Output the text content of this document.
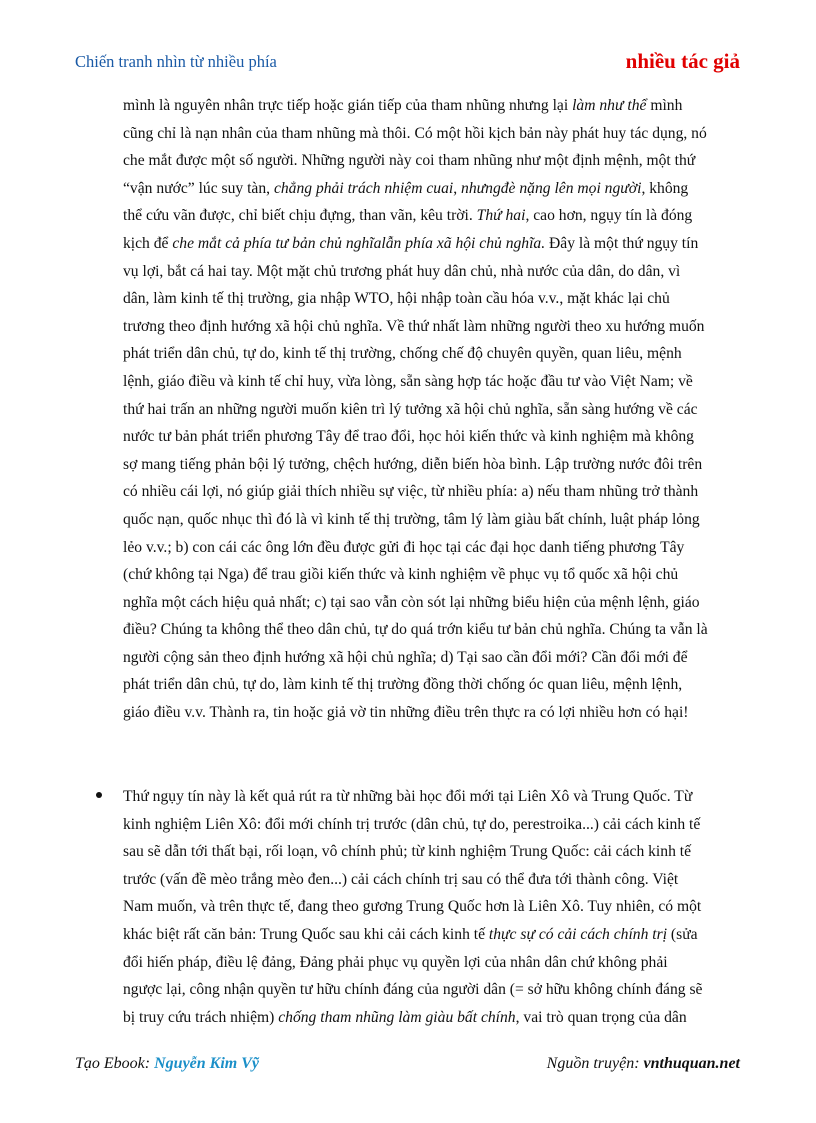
Chiến tranh nhìn từ nhiều phía	nhiều tác giả
mình là nguyên nhân trực tiếp hoặc gián tiếp của tham nhũng nhưng lại làm như thể mình
cũng chỉ là nạn nhân của tham nhũng mà thôi. Có một hồi kịch bản này phát huy tác dụng, nó
che mắt được một số người. Những người này coi tham nhũng như một định mệnh, một thứ
“vận nước” lúc suy tàn, chẳng phải trách nhiệm cuai, nhưngđè nặng lên mọi người, không
thể cứu vãn được, chỉ biết chịu đựng, than vãn, kêu trời. Thứ hai, cao hơn, ngụy tín là đóng
kịch để che mắt cả phía tư bản chủ nghĩalẫn phía xã hội chủ nghĩa. Đây là một thứ ngụy tín
vụ lợi, bắt cá hai tay. Một mặt chủ trương phát huy dân chủ, nhà nước của dân, do dân, vì
dân, làm kinh tế thị trường, gia nhập WTO, hội nhập toàn cầu hóa v.v., mặt khác lại chủ
trương theo định hướng xã hội chủ nghĩa. Về thứ nhất làm những người theo xu hướng muốn
phát triển dân chủ, tự do, kinh tế thị trường, chống chế độ chuyên quyền, quan liêu, mệnh
lệnh, giáo điều và kinh tế chỉ huy, vừa lòng, sẵn sàng hợp tác hoặc đầu tư vào Việt Nam; về
thứ hai trấn an những người muốn kiên trì lý tưởng xã hội chủ nghĩa, sẵn sàng hướng về các
nước tư bản phát triển phương Tây để trao đổi, học hỏi kiến thức và kinh nghiệm mà không
sợ mang tiếng phản bội lý tưởng, chệch hướng, diễn biến hòa bình. Lập trường nước đôi trên
có nhiều cái lợi, nó giúp giải thích nhiều sự việc, từ nhiều phía: a) nếu tham nhũng trở thành
quốc nạn, quốc nhục thì đó là vì kinh tế thị trường, tâm lý làm giàu bất chính, luật pháp lỏng
lẻo v.v.; b) con cái các ông lớn đều được gửi đi học tại các đại học danh tiếng phương Tây
(chứ không tại Nga) để trau giồi kiến thức và kinh nghiệm về phục vụ tổ quốc xã hội chủ
nghĩa một cách hiệu quả nhất; c) tại sao vẫn còn sót lại những biểu hiện của mệnh lệnh, giáo
điều? Chúng ta không thể theo dân chủ, tự do quá trớn kiểu tư bản chủ nghĩa. Chúng ta vẫn là
người cộng sản theo định hướng xã hội chủ nghĩa; d) Tại sao cần đổi mới? Cần đổi mới để
phát triển dân chủ, tự do, làm kinh tế thị trường đồng thời chống óc quan liêu, mệnh lệnh,
giáo điều v.v. Thành ra, tin hoặc giả vờ tin những điều trên thực ra có lợi nhiều hơn có hại!
Thứ ngụy tín này là kết quả rút ra từ những bài học đổi mới tại Liên Xô và Trung Quốc. Từ
kinh nghiệm Liên Xô: đổi mới chính trị trước (dân chủ, tự do, perestroika...) cải cách kinh tế
sau sẽ dẫn tới thất bại, rối loạn, vô chính phủ; từ kinh nghiệm Trung Quốc: cải cách kinh tế
trước (vấn đề mèo trắng mèo đen...) cải cách chính trị sau có thể đưa tới thành công. Việt
Nam muốn, và trên thực tế, đang theo gương Trung Quốc hơn là Liên Xô. Tuy nhiên, có một
khác biệt rất căn bản: Trung Quốc sau khi cải cách kinh tế thực sự có cải cách chính trị (sửa
đổi hiến pháp, điều lệ đảng, Đảng phải phục vụ quyền lợi của nhân dân chứ không phải
ngược lại, công nhận quyền tư hữu chính đáng của người dân (= sở hữu không chính đáng sẽ
bị truy cứu trách nhiệm) chống tham nhũng làm giàu bất chính, vai trò quan trọng của dân
Tạo Ebook: Nguyễn Kim Vỹ	Nguồn truyện: vnthuquan.net
